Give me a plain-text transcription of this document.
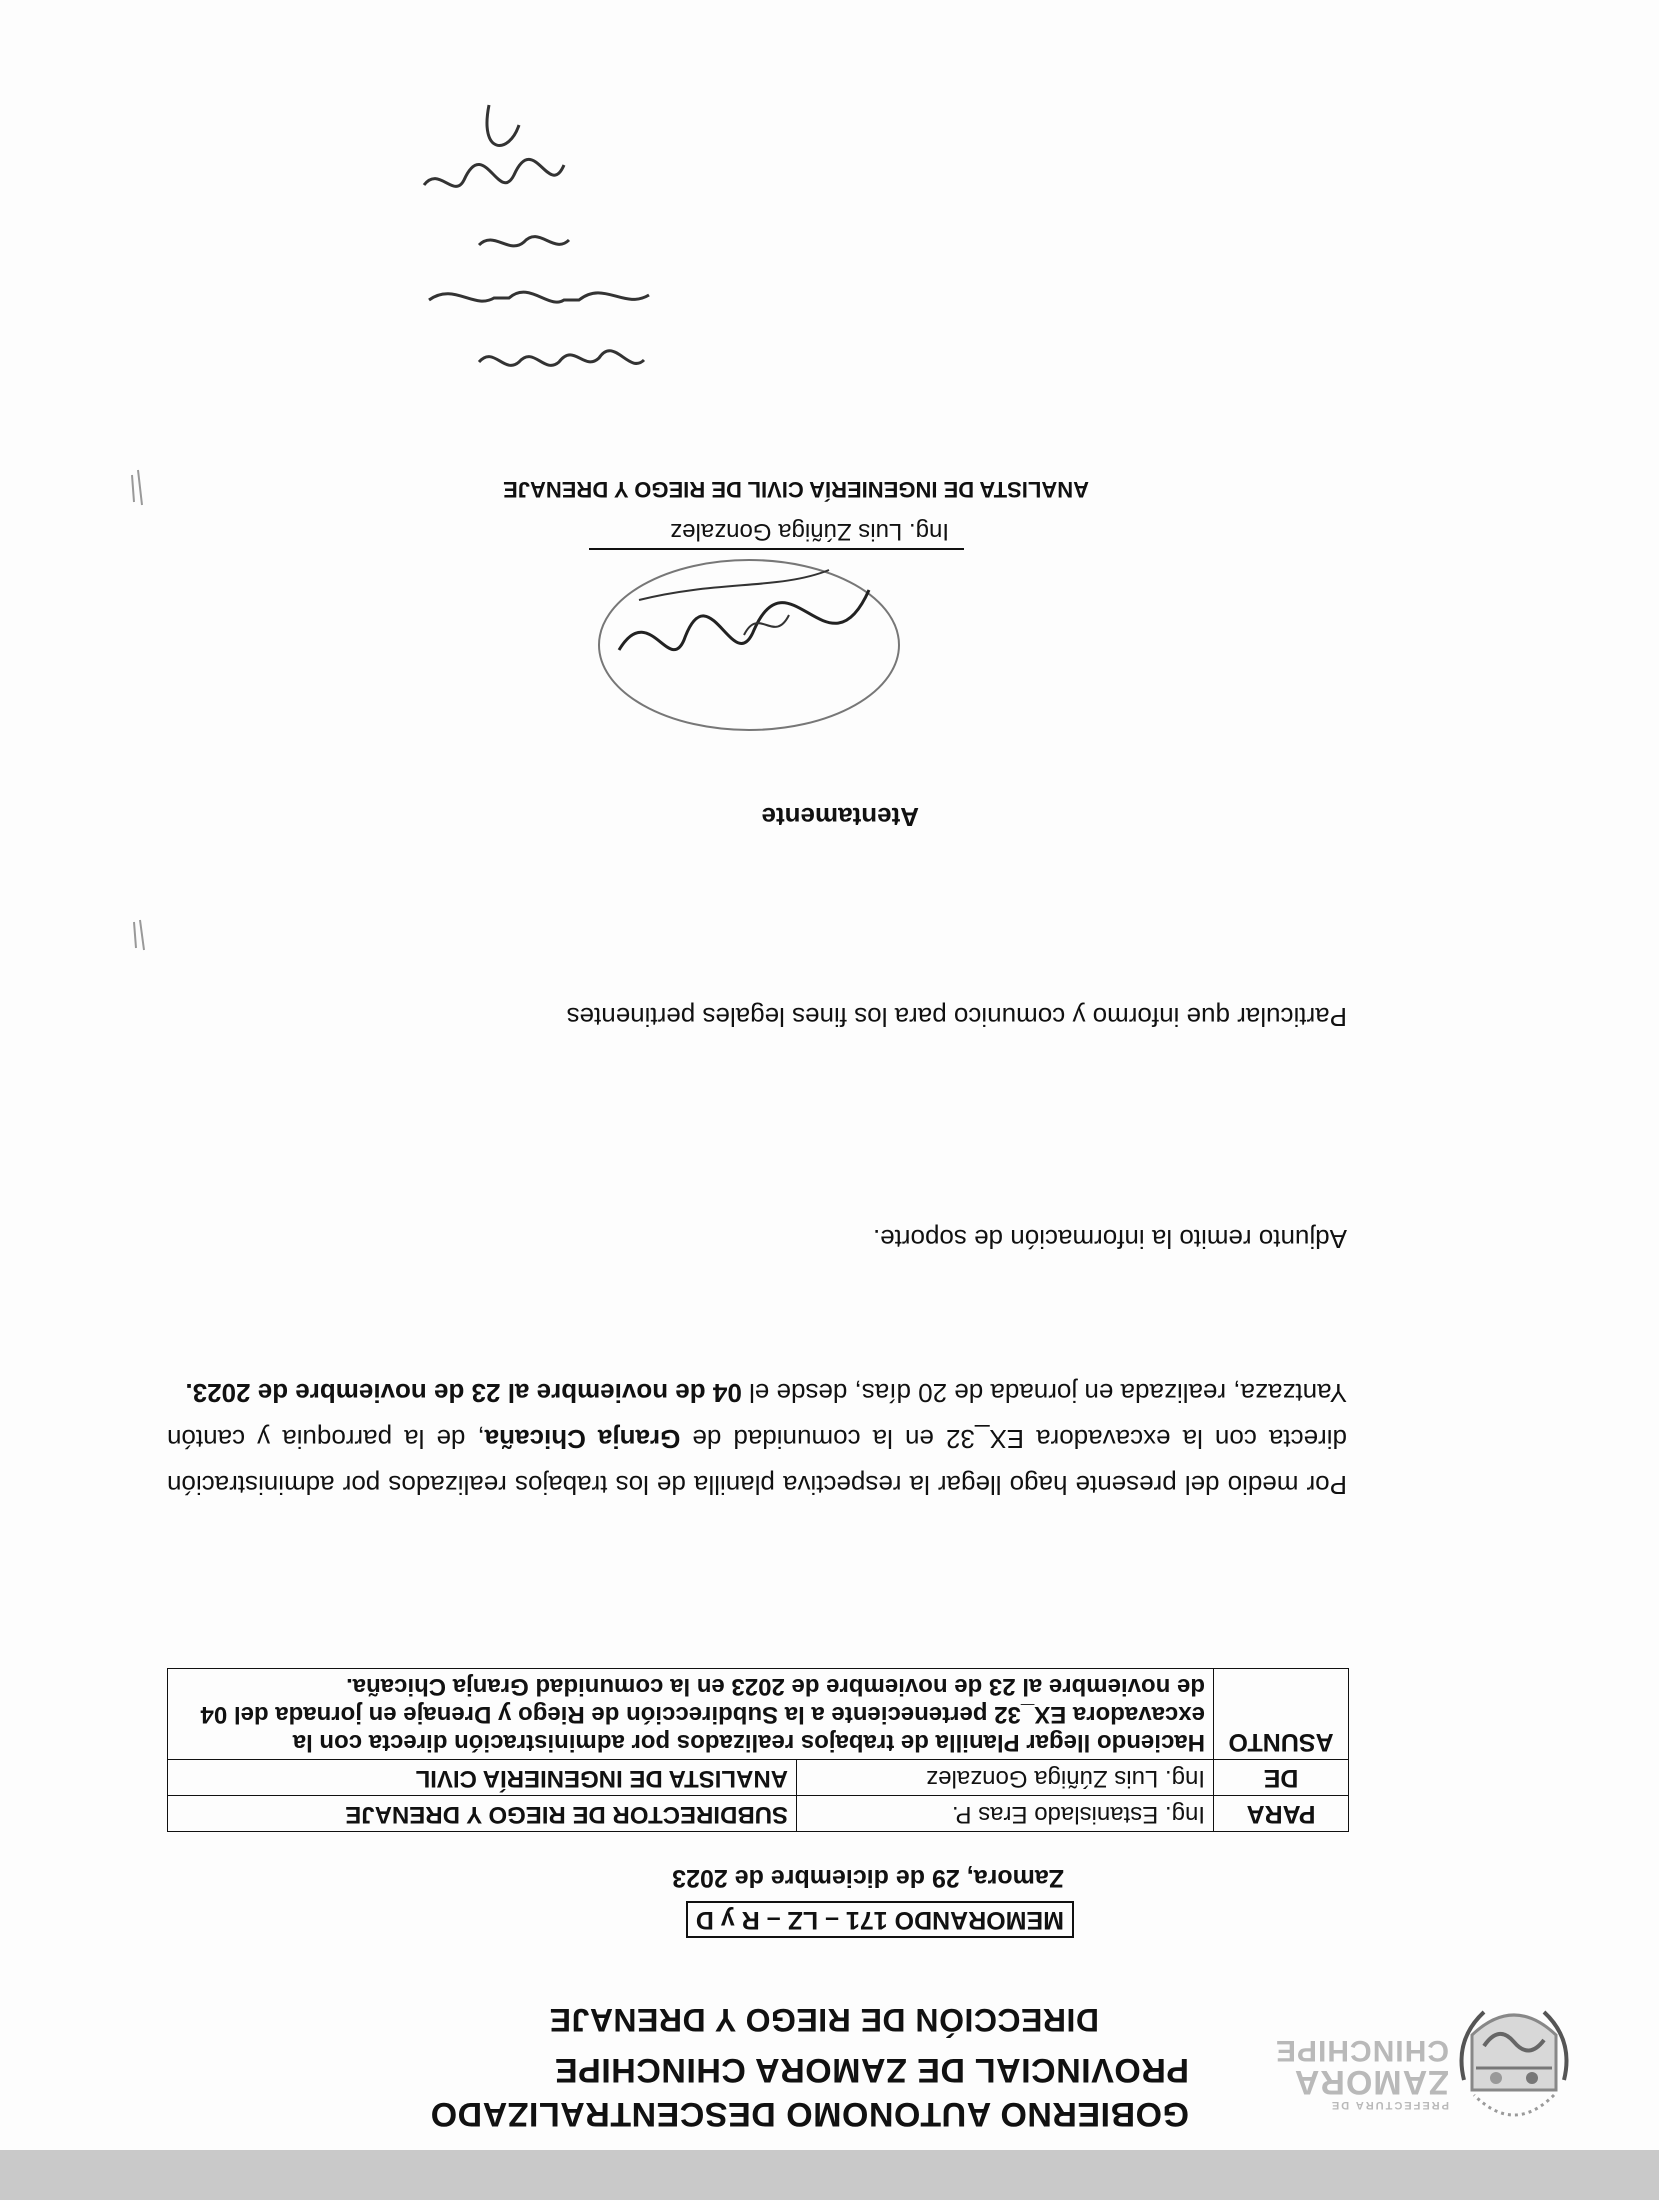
PREFECTURA DE
ZAMORA
CHINCHIPE
GOBIERNO AUTONOMO DESCENTRALIZADO
PROVINCIAL DE ZAMORA CHINCHIPE
DIRECCIÓN DE RIEGO Y DRENAJE
MEMORANDO 171 – LZ – R y D
Zamora, 29 de diciembre de 2023
PARA	Ing. Estanislado Eras P.	SUBDIRECTOR DE RIEGO Y DRENAJE
DE	Ing. Luis Zúñiga Gonzalez	ANALISTA DE INGENIERÍA CIVIL
ASUNTO	Haciendo llegar Planilla de trabajos realizados por administración directa con la excavadora EX_32 perteneciente a la Subdirección de Riego y Drenaje en jornada del 04 de noviembre al 23 de noviembre de 2023 en la comunidad Granja Chicaña.	
Por medio del presente hago llegar la respectiva planilla de los trabajos realizados por administración directa con la excavadora EX_32 en la comunidad de Granja Chicaña, de la parroquia y cantón Yantzaza, realizada en jornada de 20 días, desde el 04 de noviembre al 23 de noviembre de 2023.
Adjunto remito la información de soporte.
Particular que informo y comunico para los fines legales pertinentes
Atentamente
Ing. Luis Zúñiga Gonzalez
ANALISTA DE INGENIERÍA CIVIL DE RIEGO Y DRENAJE
